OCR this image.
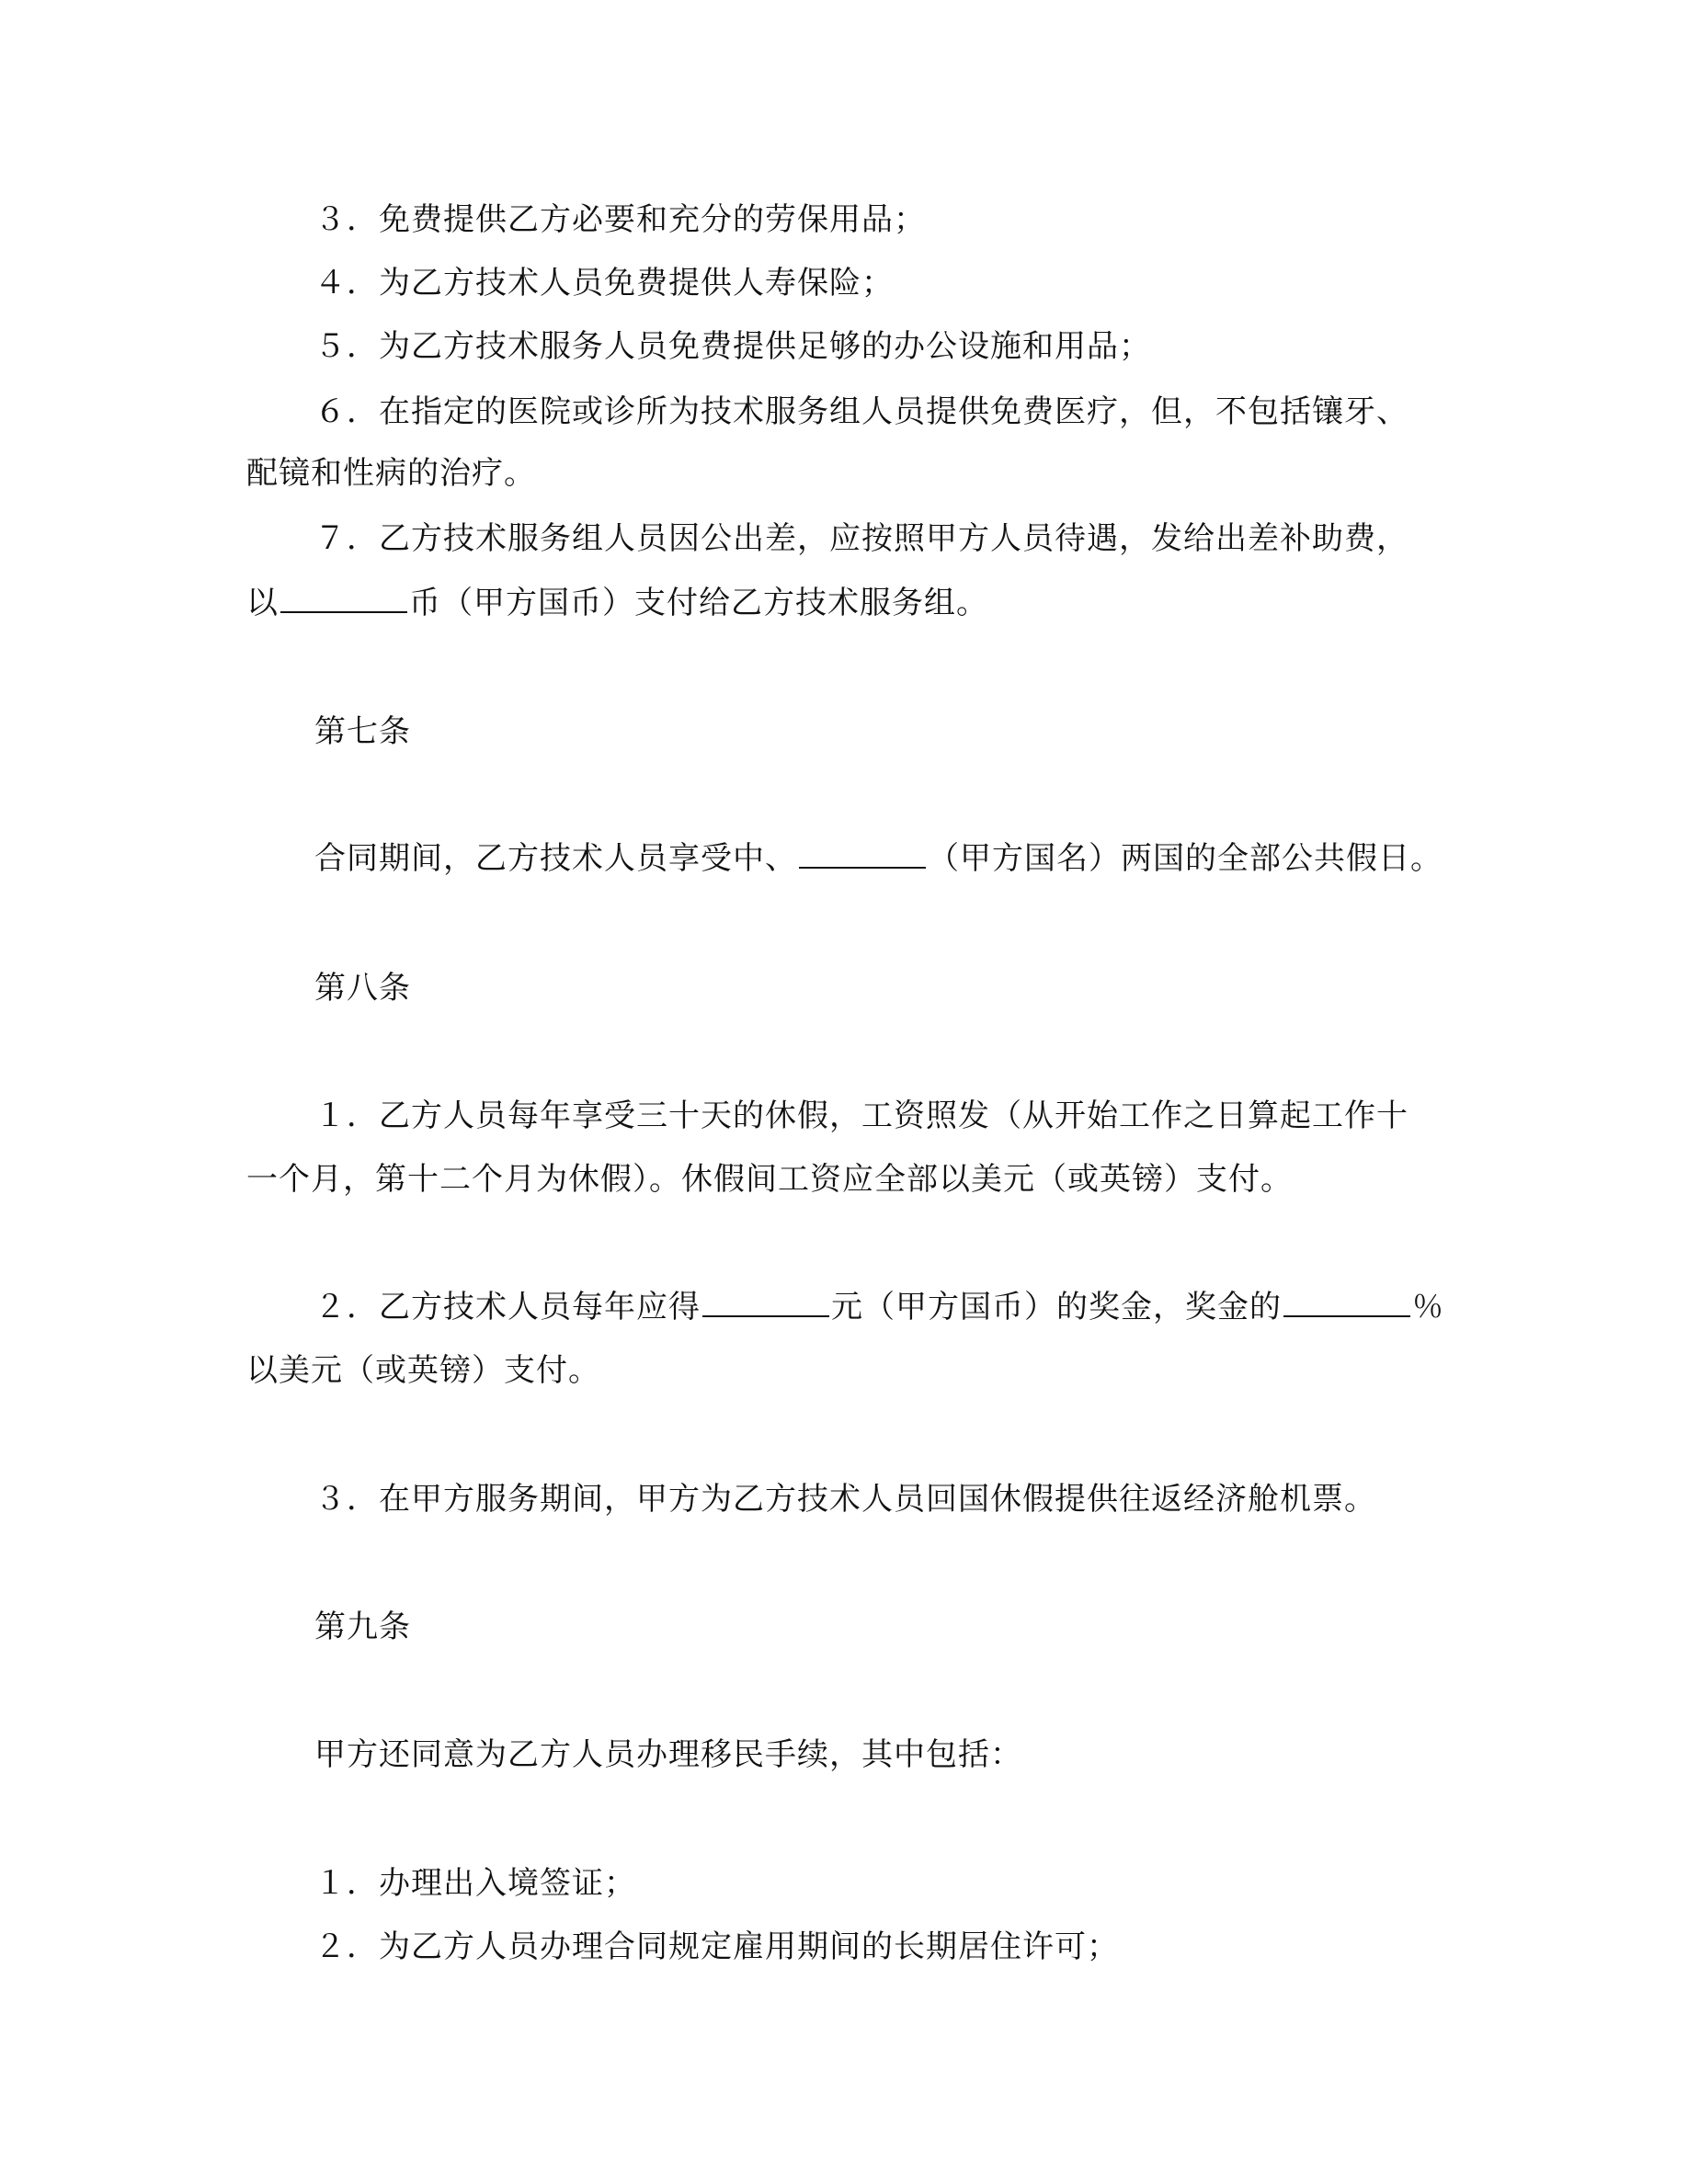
３．免费提供乙方必要和充分的劳保用品；
４．为乙方技术人员免费提供人寿保险；
５．为乙方技术服务人员免费提供足够的办公设施和用品；
６．在指定的医院或诊所为技术服务组人员提供免费医疗，但，不包括镶牙、
配镜和性病的治疗。
７．乙方技术服务组人员因公出差，应按照甲方人员待遇，发给出差补助费，
以	币（甲方国币）支付给乙方技术服务组。
第七条
合同期间，乙方技术人员享受中、	（甲方国名）两国的全部公共假日。
第八条
１．乙方人员每年享受三十天的休假，工资照发（从开始工作之日算起工作十
一个月，第十二个月为休假）。休假间工资应全部以美元（或英镑）支付。
２．乙方技术人员每年应得	元（甲方国币）的奖金，奖金的	％
以美元（或英镑）支付。
３．在甲方服务期间，甲方为乙方技术人员回国休假提供往返经济舱机票。
第九条
甲方还同意为乙方人员办理移民手续，其中包括：
１．办理出入境签证；
２．为乙方人员办理合同规定雇用期间的长期居住许可；
